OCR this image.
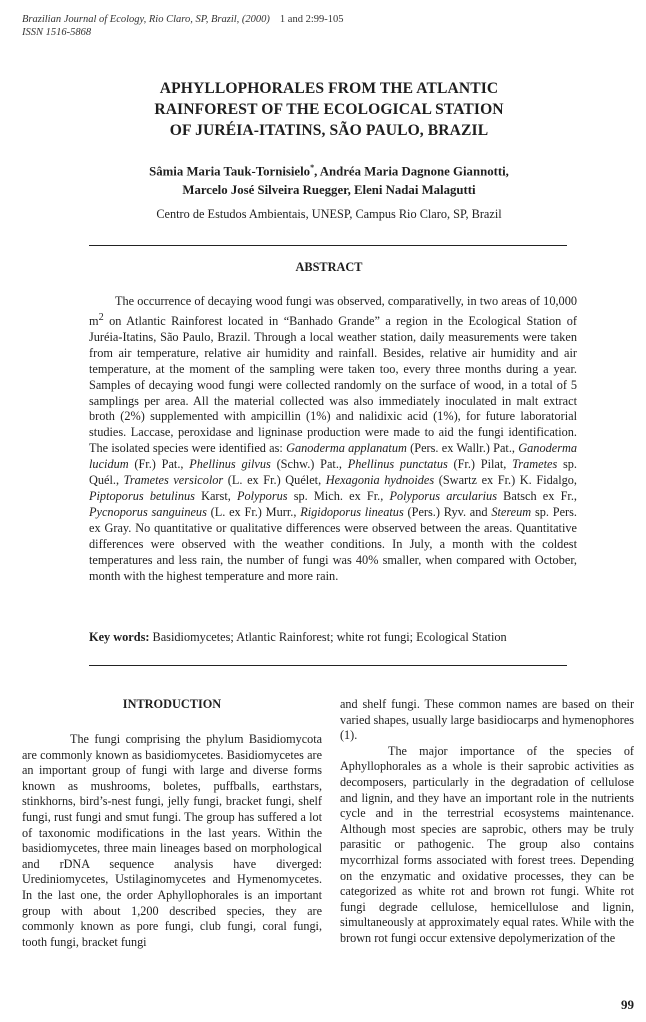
Brazilian Journal of Ecology, Rio Claro, SP, Brazil, (2000) 1 and 2:99-105
ISSN 1516-5868
APHYLLOPHORALES FROM THE ATLANTIC
RAINFOREST OF THE ECOLOGICAL STATION
OF JURÉIA-ITATINS, SÃO PAULO, BRAZIL
Sâmia Maria Tauk-Tornisielo*, Andréa Maria Dagnone Giannotti,
Marcelo José Silveira Ruegger, Eleni Nadai Malagutti
Centro de Estudos Ambientais, UNESP, Campus Rio Claro, SP, Brazil
ABSTRACT

The occurrence of decaying wood fungi was observed, comparativelly, in two areas of 10,000 $m^2$ on Atlantic Rainforest located in “Banhado Grande” a region in the Ecological Station of Juréia-Itatins, São Paulo, Brazil. Through a local weather station, daily measurements were taken from air temperature, relative air humidity and rainfall. Besides, relative air humidity and air temperature, at the moment of the sampling were taken too, every three months during a year. Samples of decaying wood fungi were collected randomly on the surface of wood, in a total of 5 samplings per area. All the material collected was also immediately inoculated in malt extract broth (2%) supplemented with ampicillin (1%) and nalidixic acid (1%), for future laboratorial studies. Laccase, peroxidase and ligninase production were made to aid the fungi identification. The isolated species were identified as: Ganoderma applanatum (Pers. ex Wallr.) Pat., Ganoderma lucidum (Fr.) Pat., Phellinus gilvus (Schw.) Pat., Phellinus punctatus (Fr.) Pilat, Trametes sp. Quél., Trametes versicolor (L. ex Fr.) Quélet, Hexagonia hydnoides (Swartz ex Fr.) K. Fidalgo, Piptoporus betulinus Karst, Polyporus sp. Mich. ex Fr., Polyporus arcularius Batsch ex Fr., Pycnoporus sanguineus (L. ex Fr.) Murr., Rigidoporus lineatus (Pers.) Ryv. and Stereum sp. Pers. ex Gray. No quantitative or qualitative differences were observed between the areas. Quantitative differences were observed with the weather conditions. In July, a month with the coldest temperatures and less rain, the number of fungi was 40% smaller, when compared with October, month with the highest temperature and more rain.

Key words: Basidiomycetes; Atlantic Rainforest; white rot fungi; Ecological Station
INTRODUCTION

The fungi comprising the phylum Basidiomycota are commonly known as basidiomycetes. Basidiomycetes are an important group of fungi with large and diverse forms known as mushrooms, boletes, puffballs, earthstars, stinkhorns, bird’s-nest fungi, jelly fungi, bracket fungi, shelf fungi, rust fungi and smut fungi. The group has suffered a lot of taxonomic modifications in the last years. Within the basidiomycetes, three main lineages based on morphological and rDNA sequence analysis have diverged: Urediniomycetes, Ustilaginomycetes and Hymenomycetes. In the last one, the order Aphyllophorales is an important group with about 1,200 described species, they are commonly known as pore fungi, club fungi, coral fungi, tooth fungi, bracket fungi

and shelf fungi. These common names are based on their varied shapes, usually large basidiocarps and hymenophores (1).

The major importance of the species of Aphyllophorales as a whole is their saprobic activities as decomposers, particularly in the degradation of cellulose and lignin, and they have an important role in the nutrients cycle and in the terrestrial ecosystems maintenance. Although most species are saprobic, others may be truly parasitic or pathogenic. The group also contains mycorrhizal forms associated with forest trees. Depending on the enzymatic and oxidative processes, they can be categorized as white rot and brown rot fungi. White rot fungi degrade cellulose, hemicellulose and lignin, simultaneously at approximately equal rates. While with the brown rot fungi occur extensive depolymerization of the

99
